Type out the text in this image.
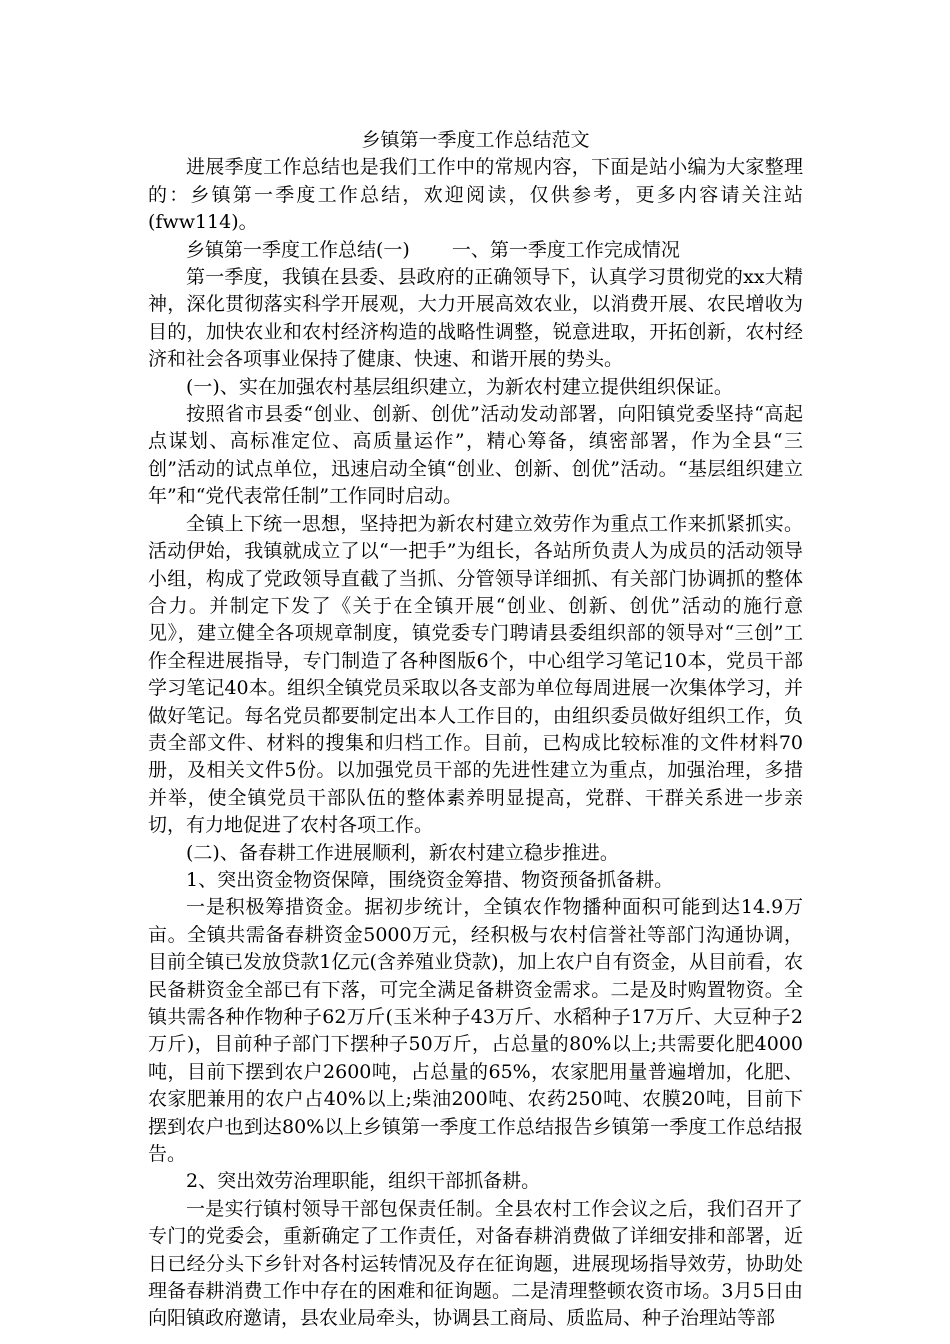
乡镇第一季度工作总结范文

进展季度工作总结也是我们工作中的常规内容，下面是站小编为大家整理的：乡镇第一季度工作总结，欢迎阅读，仅供参考，更多内容请关注站(fww114)。

乡镇第一季度工作总结(一) 一、第一季度工作完成情况

第一季度，我镇在县委、县政府的正确领导下，认真学习贯彻党的xx大精神，深化贯彻落实科学开展观，大力开展高效农业，以消费开展、农民增收为目的，加快农业和农村经济构造的战略性调整，锐意进取，开拓创新，农村经济和社会各项事业保持了健康、快速、和谐开展的势头。

(一)、实在加强农村基层组织建立，为新农村建立提供组织保证。

按照省市县委“创业、创新、创优”活动发动部署，向阳镇党委坚持“高起点谋划、高标准定位、高质量运作”，精心筹备，缜密部署，作为全县“三创”活动的试点单位，迅速启动全镇“创业、创新、创优”活动。“基层组织建立年”和“党代表常任制”工作同时启动。

全镇上下统一思想，坚持把为新农村建立效劳作为重点工作来抓紧抓实。活动伊始，我镇就成立了以“一把手”为组长，各站所负责人为成员的活动领导小组，构成了党政领导直截了当抓、分管领导详细抓、有关部门协调抓的整体合力。并制定下发了《关于在全镇开展“创业、创新、创优”活动的施行意见》，建立健全各项规章制度，镇党委专门聘请县委组织部的领导对“三创”工作全程进展指导，专门制造了各种图版6个，中心组学习笔记10本，党员干部学习笔记40本。组织全镇党员采取以各支部为单位每周进展一次集体学习，并做好笔记。每名党员都要制定出本人工作目的，由组织委员做好组织工作，负责全部文件、材料的搜集和归档工作。目前，已构成比较标准的文件材料70册，及相关文件5份。以加强党员干部的先进性建立为重点，加强治理，多措并举，使全镇党员干部队伍的整体素养明显提高，党群、干群关系进一步亲切，有力地促进了农村各项工作。

(二)、备春耕工作进展顺利，新农村建立稳步推进。

1、突出资金物资保障，围绕资金筹措、物资预备抓备耕。

一是积极筹措资金。据初步统计，全镇农作物播种面积可能到达14.9万亩。全镇共需备春耕资金5000万元，经积极与农村信誉社等部门沟通协调，目前全镇已发放贷款1亿元(含养殖业贷款)，加上农户自有资金，从目前看，农民备耕资金全部已有下落，可完全满足备耕资金需求。二是及时购置物资。全镇共需各种作物种子62万斤(玉米种子43万斤、水稻种子17万斤、大豆种子2万斤)，目前种子部门下摆种子50万斤，占总量的80%以上;共需要化肥4000吨，目前下摆到农户2600吨，占总量的65%，农家肥用量普遍增加，化肥、农家肥兼用的农户占40%以上;柴油200吨、农药250吨、农膜20吨，目前下摆到农户也到达80%以上乡镇第一季度工作总结报告乡镇第一季度工作总结报告。

2、突出效劳治理职能，组织干部抓备耕。

一是实行镇村领导干部包保责任制。全县农村工作会议之后，我们召开了专门的党委会，重新确定了工作责任，对备春耕消费做了详细安排和部署，近日已经分头下乡针对各村运转情况及存在征询题，进展现场指导效劳，协助处理备春耕消费工作中存在的困难和征询题。二是清理整顿农资市场。3月5日由向阳镇政府邀请，县农业局牵头，协调县工商局、质监局、种子治理站等部
